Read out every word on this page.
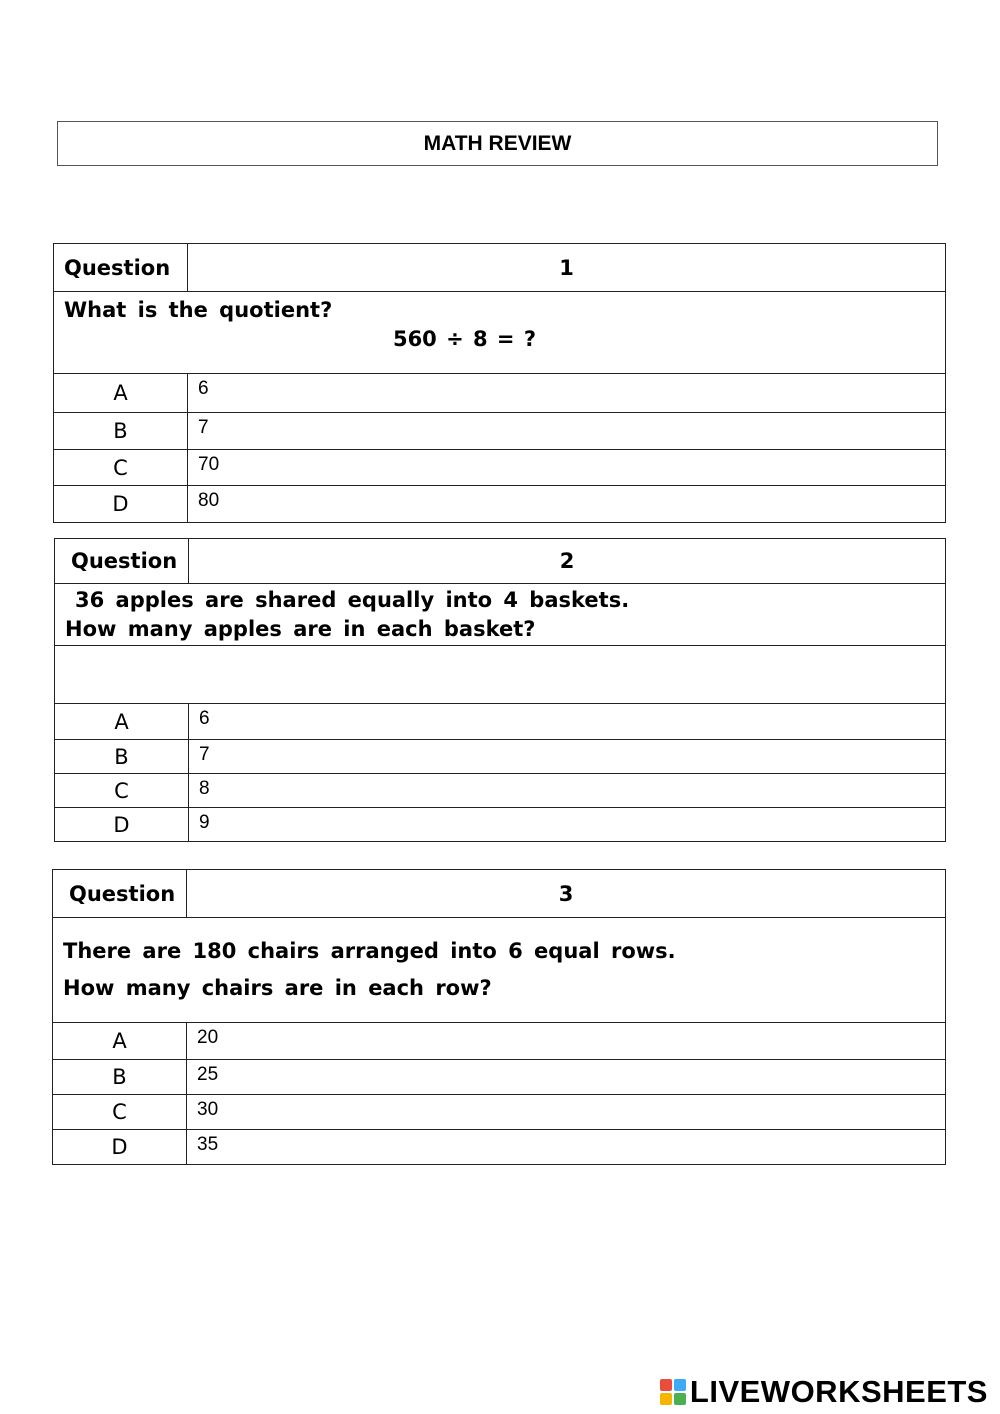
MATH REVIEW
Question	1
What is the quotient?
560 ÷ 8 = ?	

A	6
B	7
C	70
D	80
Question	2

36 apples are shared equally into 4 baskets.
How many apples are in each basket?	

A	6
B	7
C	8
D	9
Question	3

There are 180 chairs arranged into 6 equal rows.
How many chairs are in each row?	

A	20
B	25
C	30
D	35
LIVEWORKSHEETS
